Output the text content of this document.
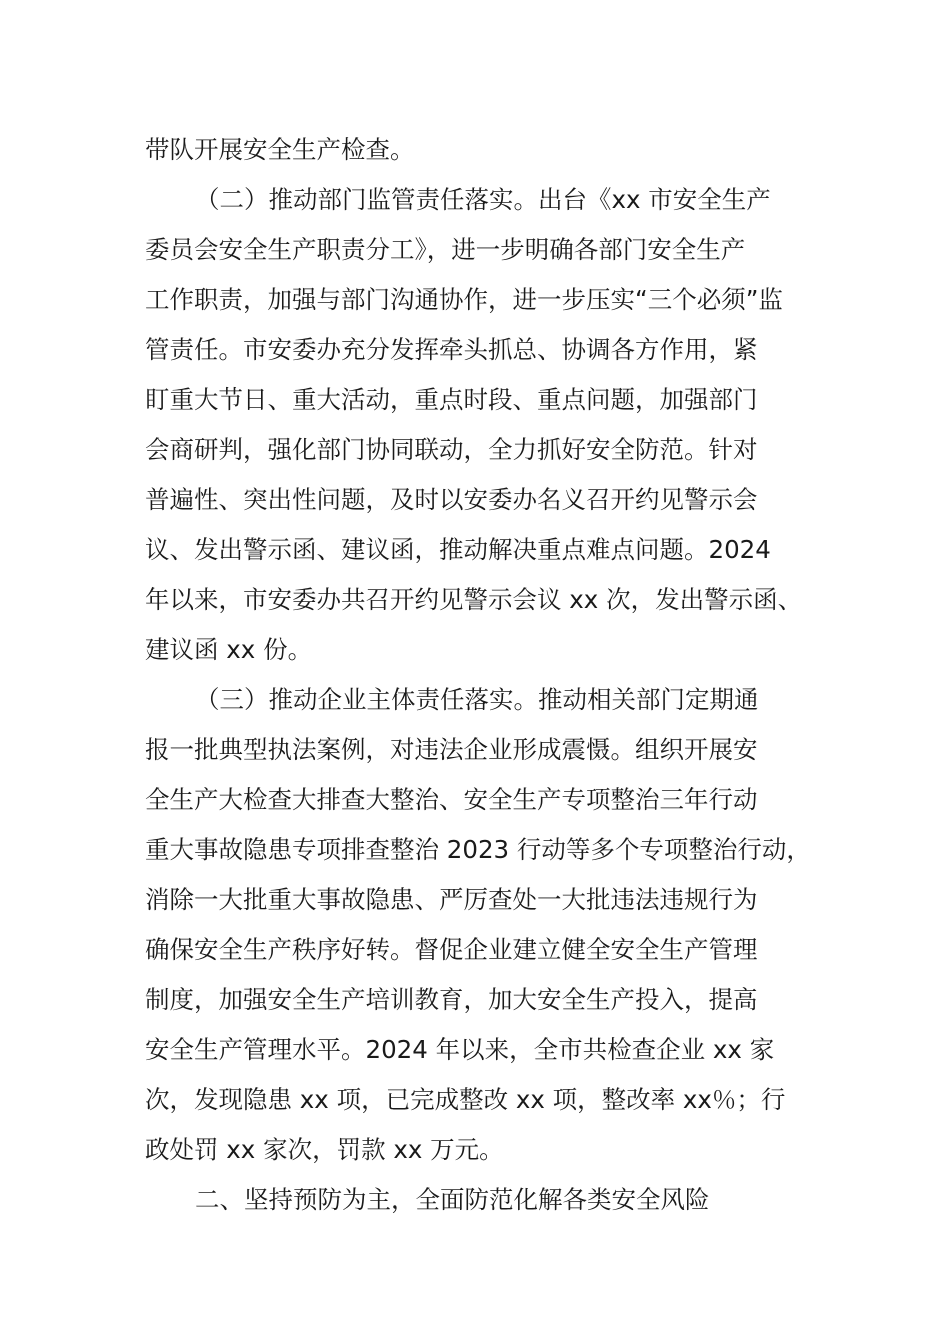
带队开展安全生产检查。
（二）推动部门监管责任落实。出台《xx 市安全生产
委员会安全生产职责分工》，进一步明确各部门安全生产
工作职责，加强与部门沟通协作，进一步压实“三个必须”监
管责任。市安委办充分发挥牵头抓总、协调各方作用，紧
盯重大节日、重大活动，重点时段、重点问题，加强部门
会商研判，强化部门协同联动，全力抓好安全防范。针对
普遍性、突出性问题，及时以安委办名义召开约见警示会
议、发出警示函、建议函，推动解决重点难点问题。2024
年以来，市安委办共召开约见警示会议 xx 次，发出警示函、
建议函 xx 份。
（三）推动企业主体责任落实。推动相关部门定期通
报一批典型执法案例，对违法企业形成震慑。组织开展安
全生产大检查大排查大整治、安全生产专项整治三年行动
重大事故隐患专项排查整治 2023 行动等多个专项整治行动，
消除一大批重大事故隐患、严厉查处一大批违法违规行为
确保安全生产秩序好转。督促企业建立健全安全生产管理
制度，加强安全生产培训教育，加大安全生产投入，提高
安全生产管理水平。2024 年以来，全市共检查企业 xx 家
次，发现隐患 xx 项，已完成整改 xx 项，整改率 xx％；行
政处罚 xx 家次，罚款 xx 万元。
二、坚持预防为主，全面防范化解各类安全风险
